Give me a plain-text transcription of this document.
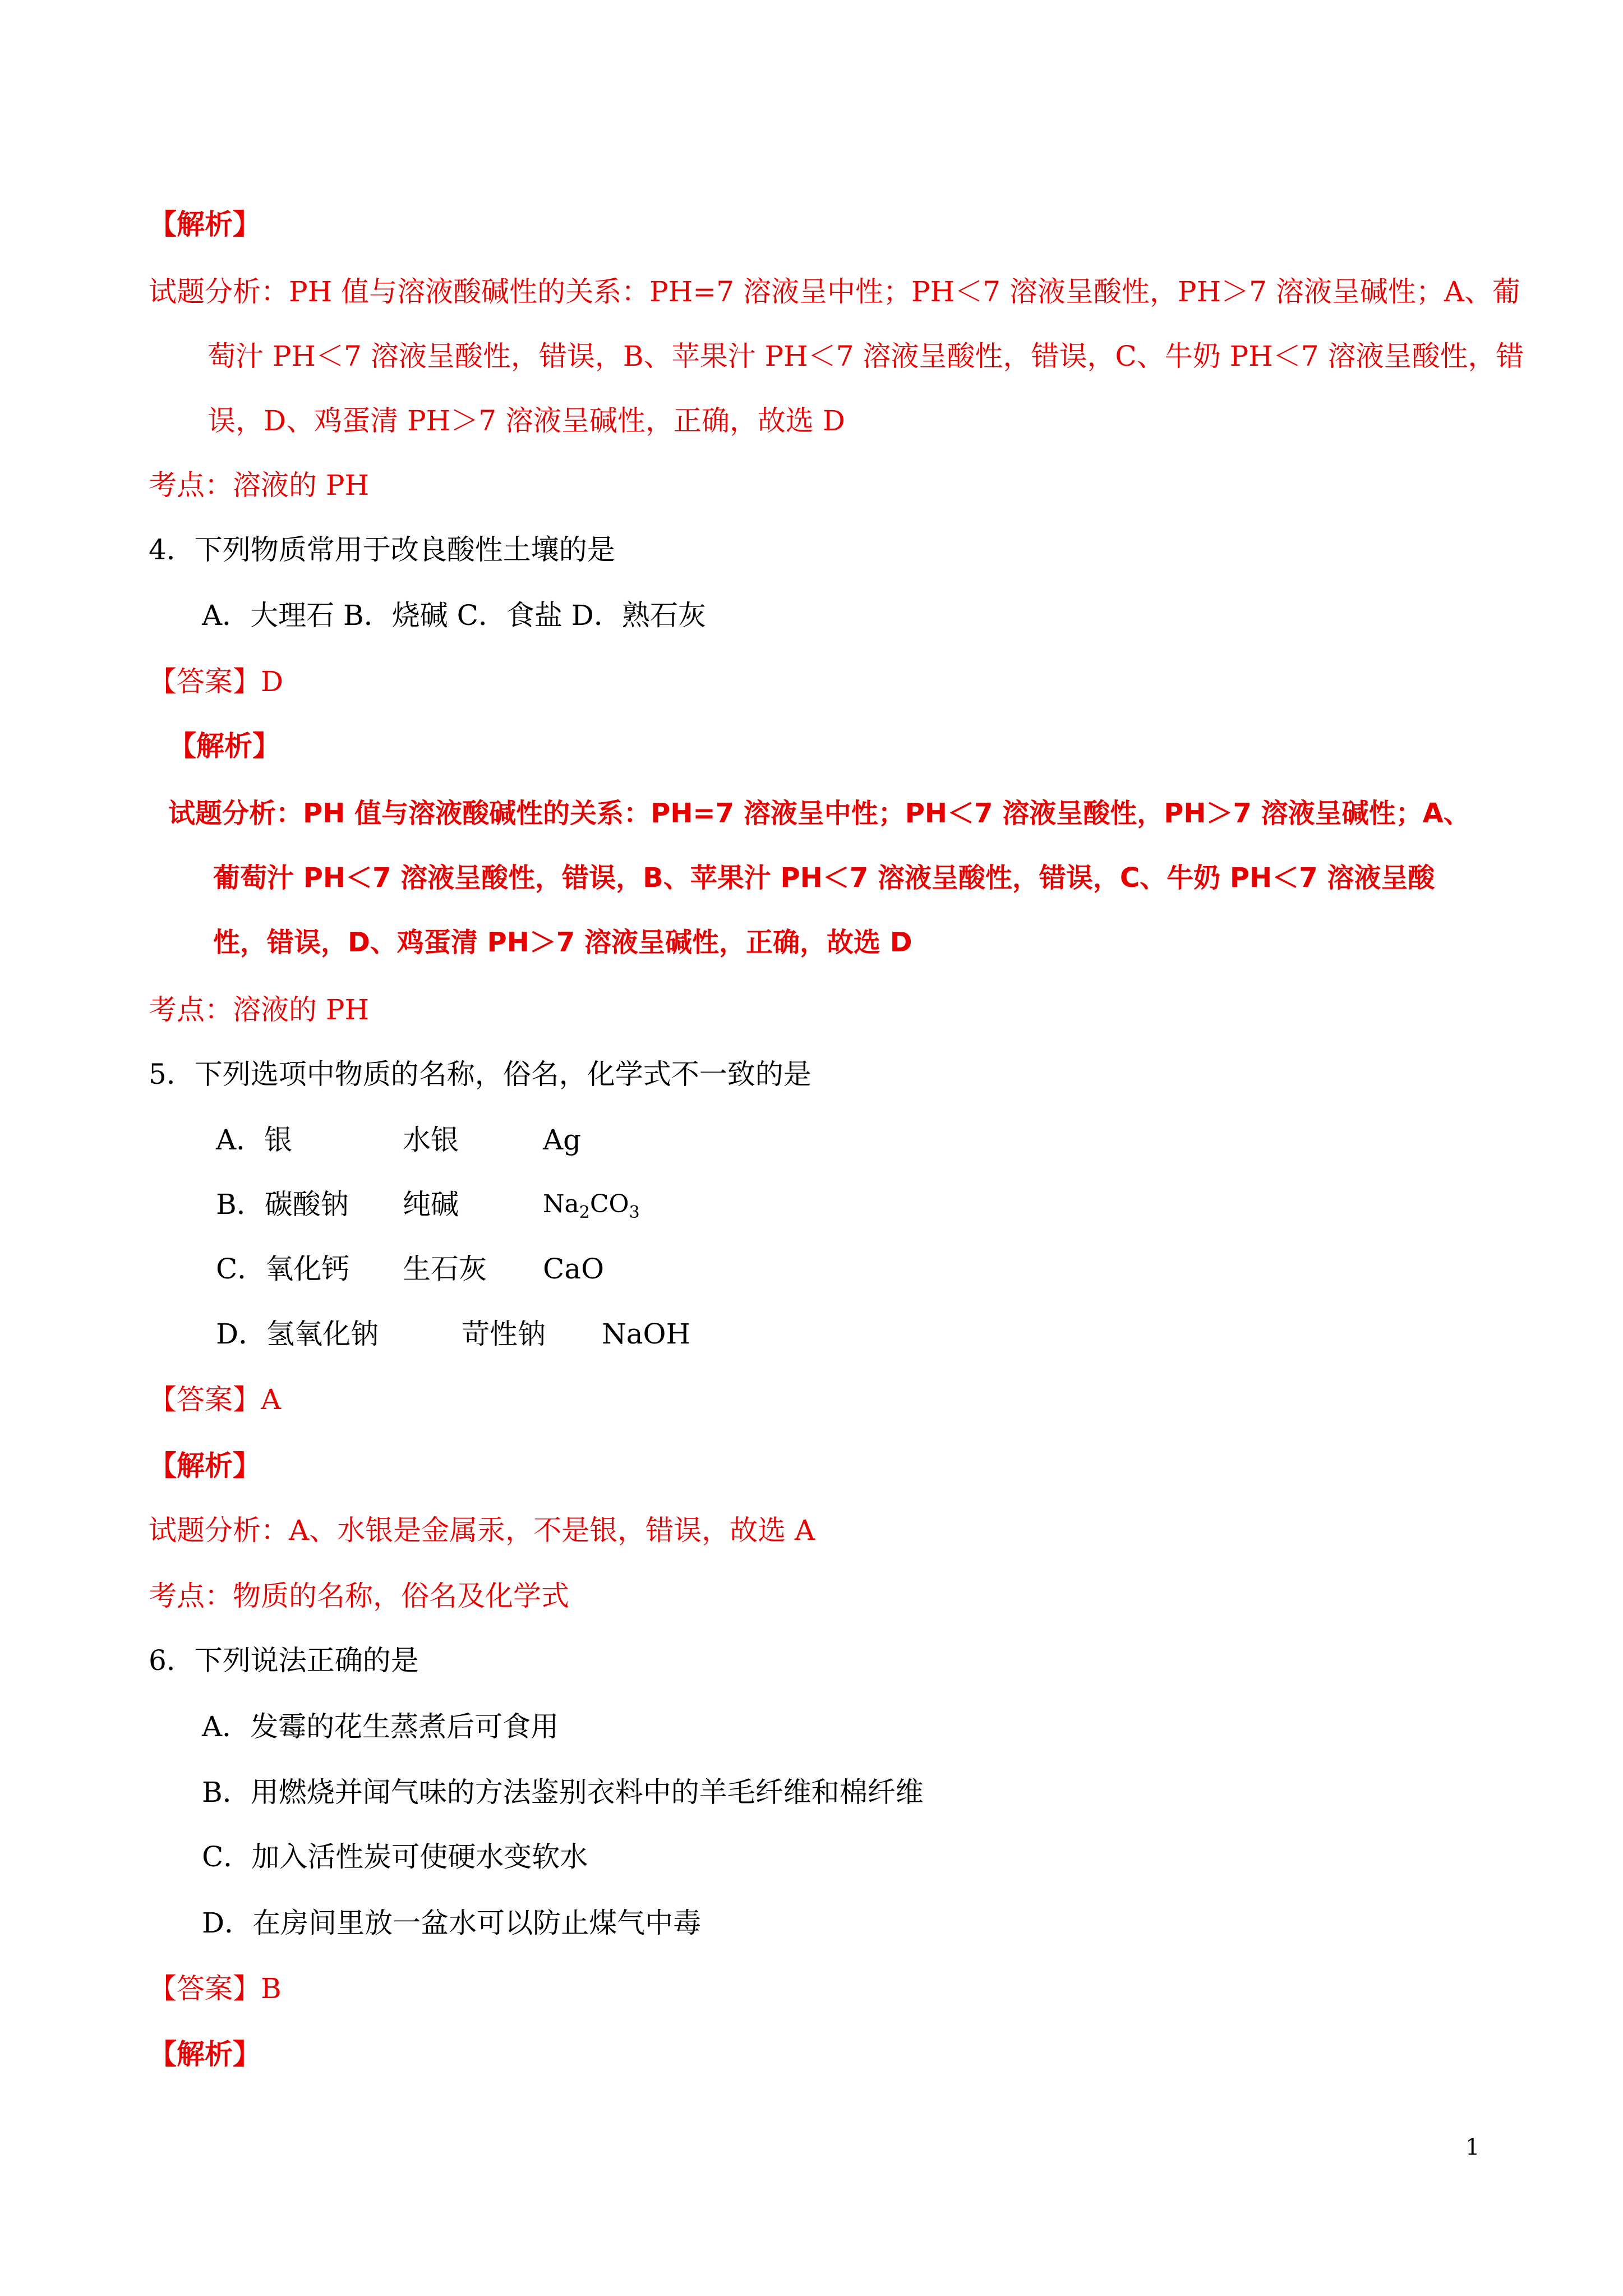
【解析】
试题分析：PH 值与溶液酸碱性的关系：PH=7 溶液呈中性；PH＜7 溶液呈酸性，PH＞7 溶液呈碱性；A、葡
萄汁 PH＜7 溶液呈酸性，错误，B、苹果汁 PH＜7 溶液呈酸性，错误，C、牛奶 PH＜7 溶液呈酸性，错
误，D、鸡蛋清 PH＞7 溶液呈碱性，正确，故选 D
考点：溶液的 PH
4．下列物质常用于改良酸性土壤的是
A．大理石 B．烧碱 C．食盐 D．熟石灰
【答案】D
【解析】
试题分析：PH 值与溶液酸碱性的关系：PH=7 溶液呈中性；PH＜7 溶液呈酸性，PH＞7 溶液呈碱性；A、
葡萄汁 PH＜7 溶液呈酸性，错误，B、苹果汁 PH＜7 溶液呈酸性，错误，C、牛奶 PH＜7 溶液呈酸
性，错误，D、鸡蛋清 PH＞7 溶液呈碱性，正确，故选 D
考点：溶液的 PH
5．下列选项中物质的名称，俗名，化学式不一致的是
A．银	水银	Ag
B．碳酸钠 纯碱	$Na_2CO_3$
C．氧化钙 生石灰 CaO
D．氢氧化钠	苛性钠 NaOH
【答案】A
【解析】
试题分析：A、水银是金属汞，不是银，错误，故选 A
考点：物质的名称，俗名及化学式
6．下列说法正确的是
A．发霉的花生蒸煮后可食用
B．用燃烧并闻气味的方法鉴别衣料中的羊毛纤维和棉纤维
C．加入活性炭可使硬水变软水
D．在房间里放一盆水可以防止煤气中毒
【答案】B
【解析】
1
